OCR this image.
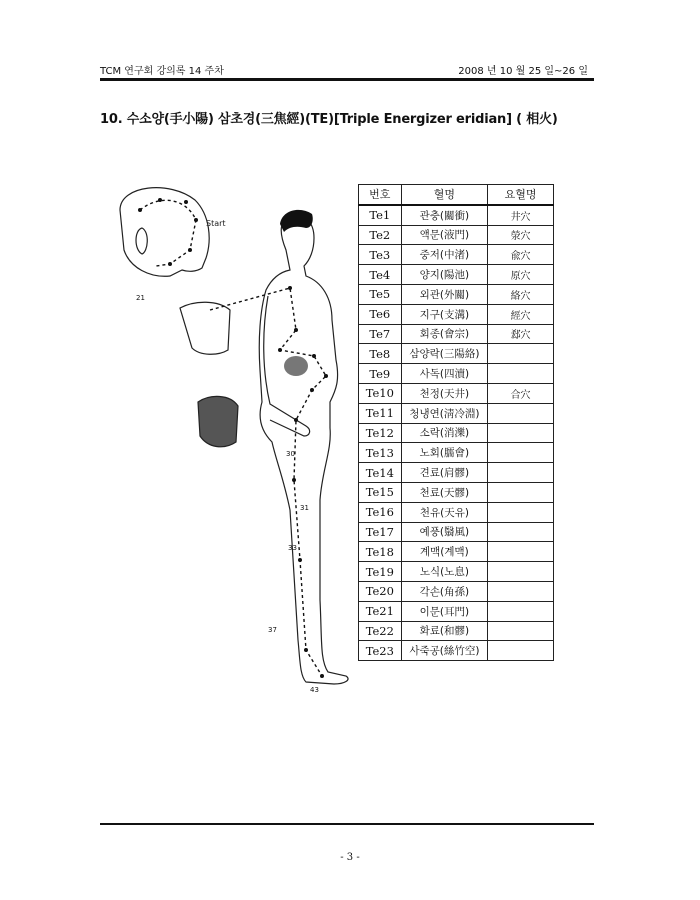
TCM 연구회 강의록 14 주차	2008 년 10 월 25 일~26 일
10. 수소양(手小陽) 삼초경(三焦經)(TE)[Triple Energizer eridian] ( 相火)
Start
21
30
31
33
37
43
번호	혈명	요혈명
Te1	관충(關衝)	井穴
Te2	액문(液門)	滎穴
Te3	중저(中渚)	兪穴
Te4	양지(陽池)	原穴
Te5	외관(外關)	絡穴
Te6	지구(支溝)	經穴
Te7	회종(會宗)	郄穴
Te8	삼양락(三陽絡)	
Te9	사독(四瀆)	
Te10	천정(天井)	合穴
Te11	청냉연(淸冷淵)	
Te12	소락(消濼)	
Te13	노회(臑會)	
Te14	견료(肩髎)	
Te15	천료(天髎)	
Te16	천유(天유)	
Te17	예풍(翳風)	
Te18	계맥(계맥)	
Te19	노식(노息)	
Te20	각손(角孫)	
Te21	이문(耳門)	
Te22	화료(和髎)	
Te23	사죽공(絲竹空)	
- 3 -
